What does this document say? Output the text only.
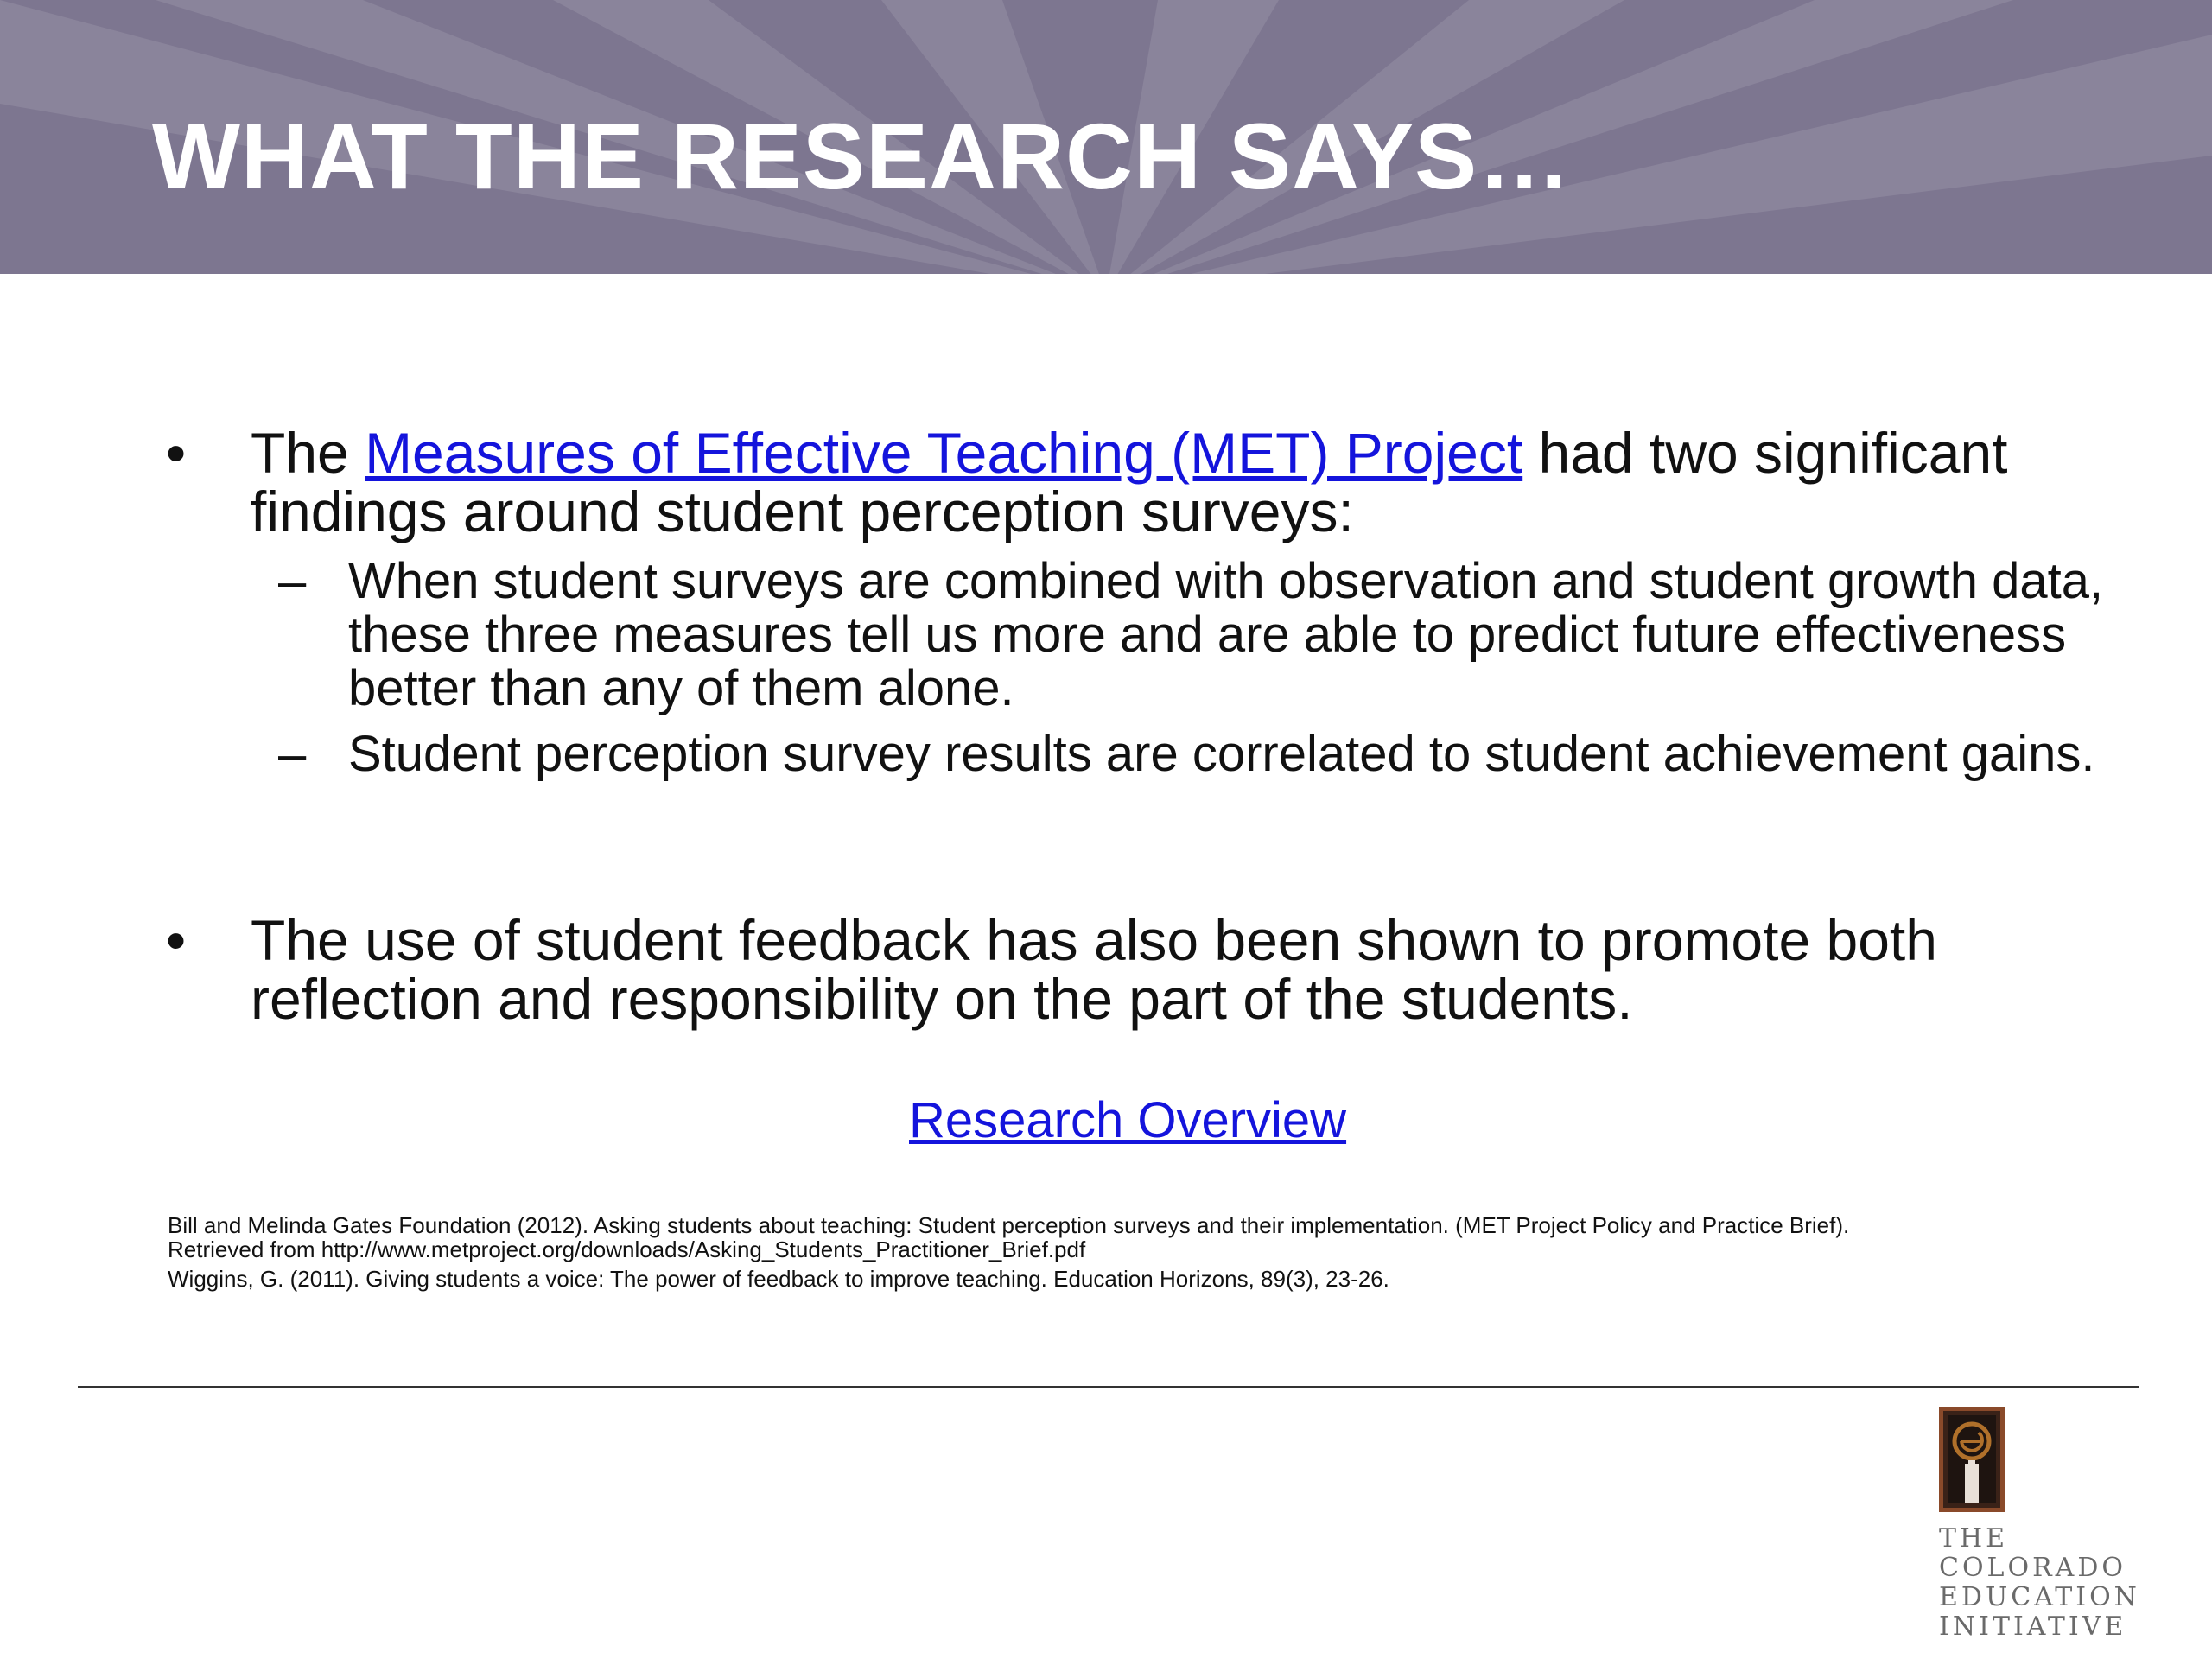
WHAT THE RESEARCH SAYS…
• The Measures of Effective Teaching (MET) Project had two significant findings around student perception surveys:
– When student surveys are combined with observation and student growth data, these three measures tell us more and are able to predict future effectiveness better than any of them alone.
– Student perception survey results are correlated to student achievement gains.
• The use of student feedback has also been shown to promote both reflection and responsibility on the part of the students.
Research Overview
Bill and Melinda Gates Foundation (2012). Asking students about teaching: Student perception surveys and their implementation. (MET Project Policy and Practice Brief).
Retrieved from http://www.metproject.org/downloads/Asking_Students_Practitioner_Brief.pdf
Wiggins, G. (2011). Giving students a voice: The power of feedback to improve teaching. Education Horizons, 89(3), 23-26.
THE
COLORADO
EDUCATION
INITIATIVE
